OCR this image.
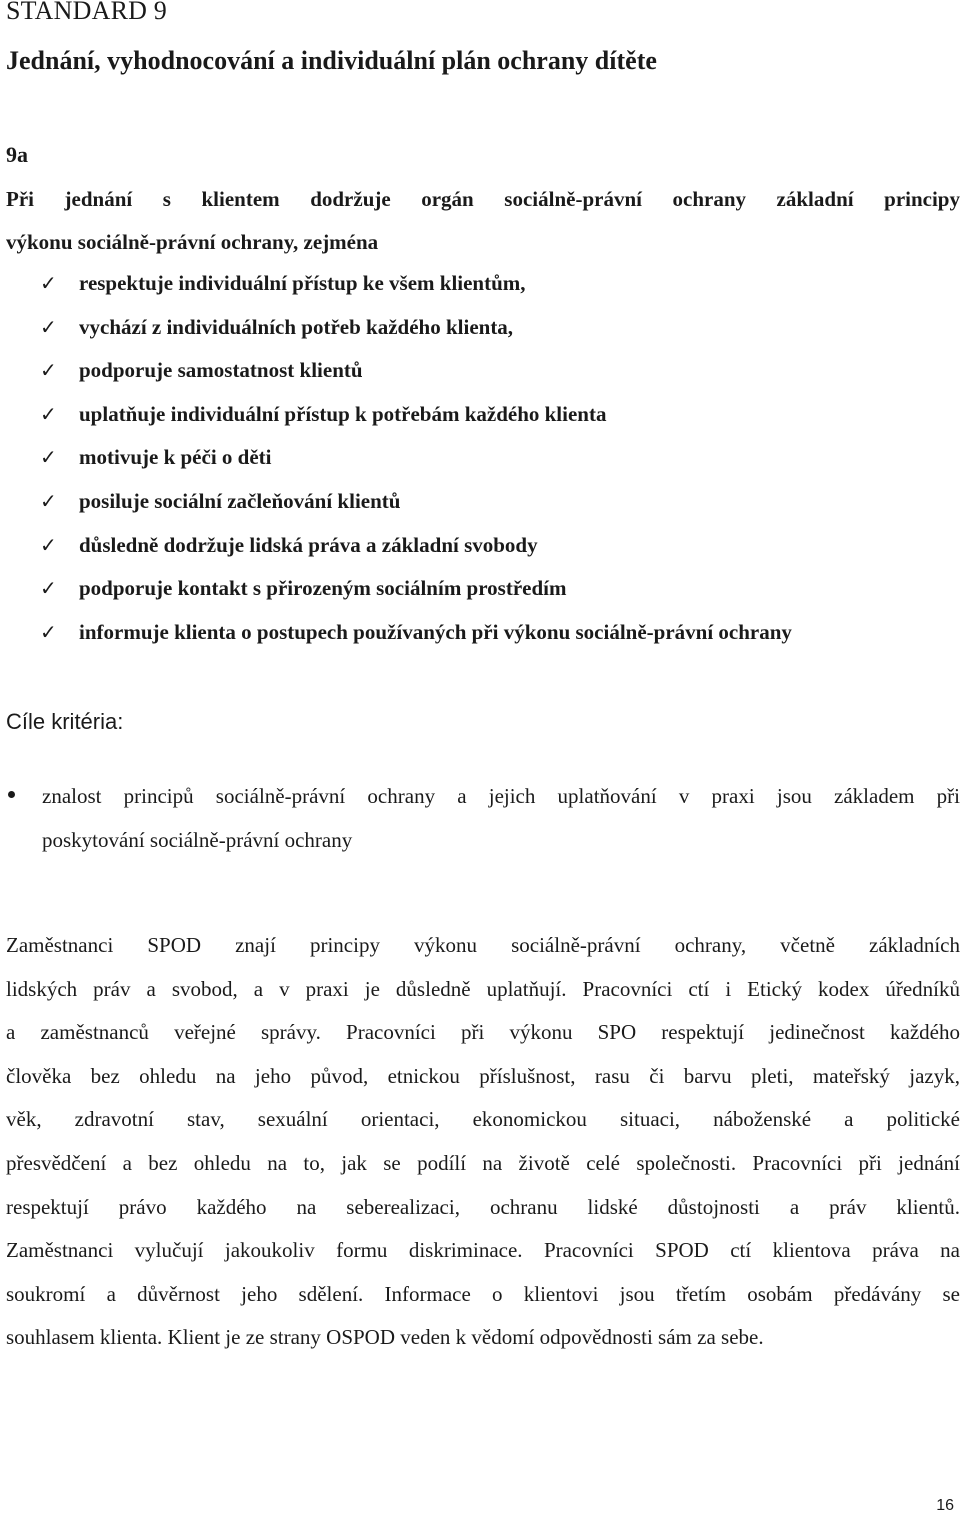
STANDARD 9
Jednání, vyhodnocování a individuální plán ochrany dítěte
9a

Při jednání s klientem dodržuje orgán sociálně-právní ochrany základní principy

výkonu sociálně-právní ochrany, zejména

✓ respektuje individuální přístup ke všem klientům,
✓ vychází z individuálních potřeb každého klienta,
✓ podporuje samostatnost klientů
✓ uplatňuje individuální přístup k potřebám každého klienta
✓ motivuje k péči o děti
✓ posiluje sociální začleňování klientů
✓ důsledně dodržuje lidská práva a základní svobody
✓ podporuje kontakt s přirozeným sociálním prostředím
✓ informuje klienta o postupech používaných při výkonu sociálně-právní ochrany
Cíle kritéria:
znalost principů sociálně-právní ochrany a jejich uplatňování v praxi jsou základem při
poskytování sociálně-právní ochrany
Zaměstnanci SPOD znají principy výkonu sociálně-právní ochrany, včetně základních
lidských práv a svobod, a v praxi je důsledně uplatňují. Pracovníci ctí i Etický kodex úředníků
a zaměstnanců veřejné správy. Pracovníci při výkonu SPO respektují jedinečnost každého
člověka bez ohledu na jeho původ, etnickou příslušnost, rasu či barvu pleti, mateřský jazyk,
věk, zdravotní stav, sexuální orientaci, ekonomickou situaci, náboženské a politické
přesvědčení a bez ohledu na to, jak se podílí na životě celé společnosti. Pracovníci při jednání
respektují právo každého na seberealizaci, ochranu lidské důstojnosti a práv klientů.
Zaměstnanci vylučují jakoukoliv formu diskriminace. Pracovníci SPOD ctí klientova práva na
soukromí a důvěrnost jeho sdělení. Informace o klientovi jsou třetím osobám předávány se
souhlasem klienta. Klient je ze strany OSPOD veden k vědomí odpovědnosti sám za sebe.
16
